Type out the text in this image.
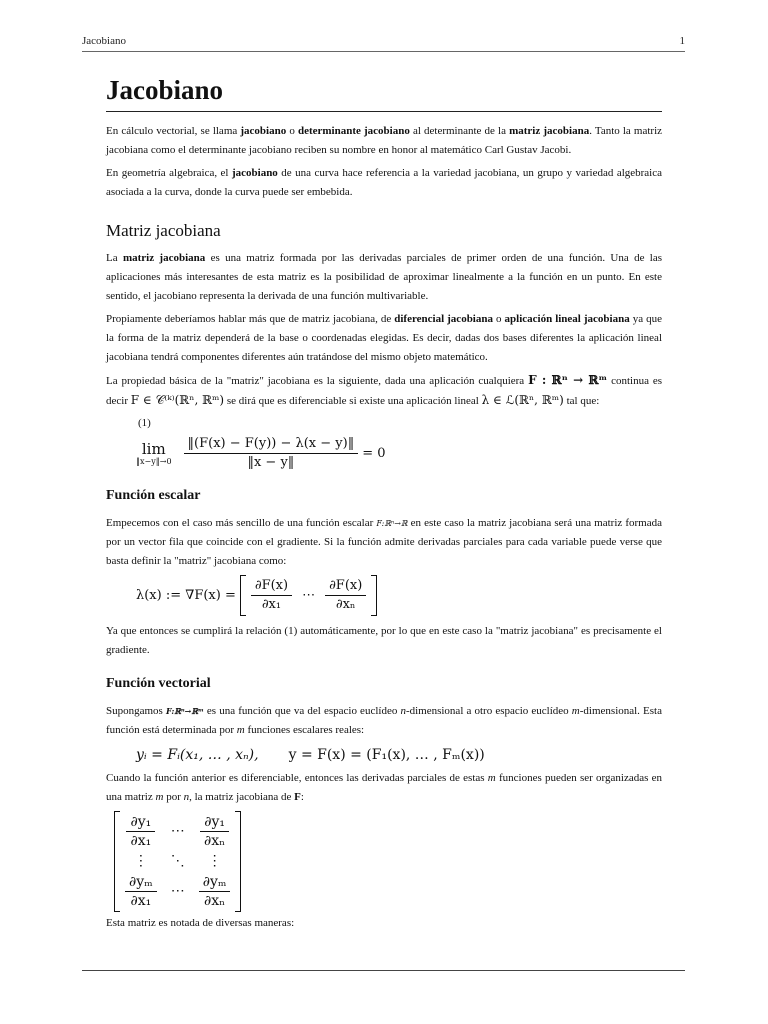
Jacobiano	1
Jacobiano

En cálculo vectorial, se llama jacobiano o determinante jacobiano al determinante de la matriz jacobiana. Tanto la matriz jacobiana como el determinante jacobiano reciben su nombre en honor al matemático Carl Gustav Jacobi.

En geometría algebraica, el jacobiano de una curva hace referencia a la variedad jacobiana, un grupo y variedad algebraica asociada a la curva, donde la curva puede ser embebida.

Matriz jacobiana

La matriz jacobiana es una matriz formada por las derivadas parciales de primer orden de una función. Una de las aplicaciones más interesantes de esta matriz es la posibilidad de aproximar linealmente a la función en un punto. En este sentido, el jacobiano representa la derivada de una función multivariable.

Propiamente deberíamos hablar más que de matriz jacobiana, de diferencial jacobiana o aplicación lineal jacobiana ya que la forma de la matriz dependerá de la base o coordenadas elegidas. Es decir, dadas dos bases diferentes la aplicación lineal jacobiana tendrá componentes diferentes aún tratándose del mismo objeto matemático.

La propiedad básica de la "matriz" jacobiana es la siguiente, dada una aplicación cualquiera F : ℝⁿ → ℝᵐ continua es decir F ∈ 𝒞⁽ᵏ⁾(ℝⁿ, ℝᵐ) se dirá que es diferenciable si existe una aplicación lineal λ ∈ ℒ(ℝⁿ, ℝᵐ) tal que:

(1)
lim
‖x−y‖→0 $\frac{‖(F(x) - F(y)) - \lambda(x - y)‖}{‖x - y‖} = 0$
Función escalar

Empecemos con el caso más sencillo de una función escalar F:ℝⁿ→ℝ en este caso la matriz jacobiana será una matriz formada por un vector fila que coincide con el gradiente. Si la función admite derivadas parciales para cada variable puede verse que basta definir la "matriz" jacobiana como:

λ(x) := $\nabla F(x) = \frac{\partial F(x)}{\text{∂x₁}}$ ⋯ $\frac{\partial F(x)}{\text{∂xₙ}}$

Ya que entonces se cumplirá la relación (1) automáticamente, por lo que en este caso la "matriz jacobiana" es precisamente el gradiente.

Función vectorial

Supongamos F:ℝⁿ→ℝᵐ es una función que va del espacio euclídeo n-dimensional a otro espacio euclídeo m-dimensional. Esta función está determinada por m funciones escalares reales:

yᵢ = Fᵢ(x₁, … , xₙ), y = F(x) = (F₁(x), … , Fₘ(x))

Cuando la función anterior es diferenciable, entonces las derivadas parciales de estas m funciones pueden ser organizadas en una matriz m por n, la matriz jacobiana de F:

$\frac{\text{∂y₁}}{\text{∂x₁}}$ ⋯ $\frac{\text{∂y₁}}{\text{∂xₙ}}$
⋮ ⋱ ⋮
$\frac{\text{∂yₘ}}{\text{∂x₁}}$ ⋯ $\frac{\text{∂yₘ}}{\text{∂xₙ}}$

Esta matriz es notada de diversas maneras:
